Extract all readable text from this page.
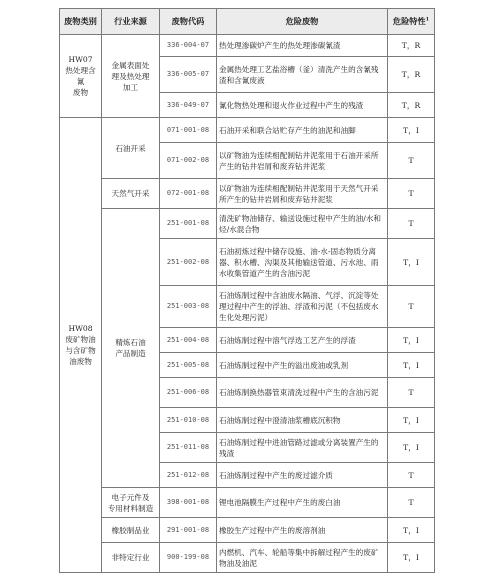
废物类别	行业来源	废物代码	危险废物	危险特性$^1$
HW07
热处理含氰
废物	金属表面处
理及热处理
加工	336-004-07	热处理渗碳炉产生的热处理渗碳氰渣	T，R
		336-005-07	金属热处理工艺盐浴槽（釜）清洗产生的含氰残渣和含氰废液	T，R
		336-049-07	氰化物热处理和退火作业过程中产生的残渣	T，R
HW08
废矿物油
与含矿物
油废物	石油开采	071-001-08	石油开采和联合站贮存产生的油泥和油脚	T，I
		071-002-08	以矿物油为连续相配制钻井泥浆用于石油开采所产生的钻井岩屑和废弃钻井泥浆	T
	天然气开采	072-001-08	以矿物油为连续相配制钻井泥浆用于天然气开采所产生的钻井岩屑和废弃钻井泥浆	T
	精炼石油
产品制造	251-001-08	清洗矿物油储存、输送设施过程中产生的油/水和烃/水混合物	T
		251-002-08	石油初炼过程中储存设施、油-水-固态物质分离器、积水槽、沟渠及其他输送管道、污水池、雨水收集管道产生的含油污泥	T，I
		251-003-08	石油炼制过程中含油废水隔油、气浮、沉淀等处理过程中产生的浮油、浮渣和污泥（不包括废水生化处理污泥）	T
		251-004-08	石油炼制过程中溶气浮选工艺产生的浮渣	T，I
		251-005-08	石油炼制过程中产生的溢出废油或乳剂	T，I
		251-006-08	石油炼制换热器管束清洗过程中产生的含油污泥	T
		251-010-08	石油炼制过程中澄清油浆槽底沉积物	T，I
		251-011-08	石油炼制过程中进油管路过滤或分离装置产生的残渣	T，I
		251-012-08	石油炼制过程中产生的废过滤介质	T
	电子元件及
专用材料制造	398-001-08	锂电池隔膜生产过程中产生的废白油	T
	橡胶制品业	291-001-08	橡胶生产过程中产生的废溶剂油	T，I
	非特定行业	900-199-08	内燃机、汽车、轮船等集中拆解过程产生的废矿物油及油泥	T，I
